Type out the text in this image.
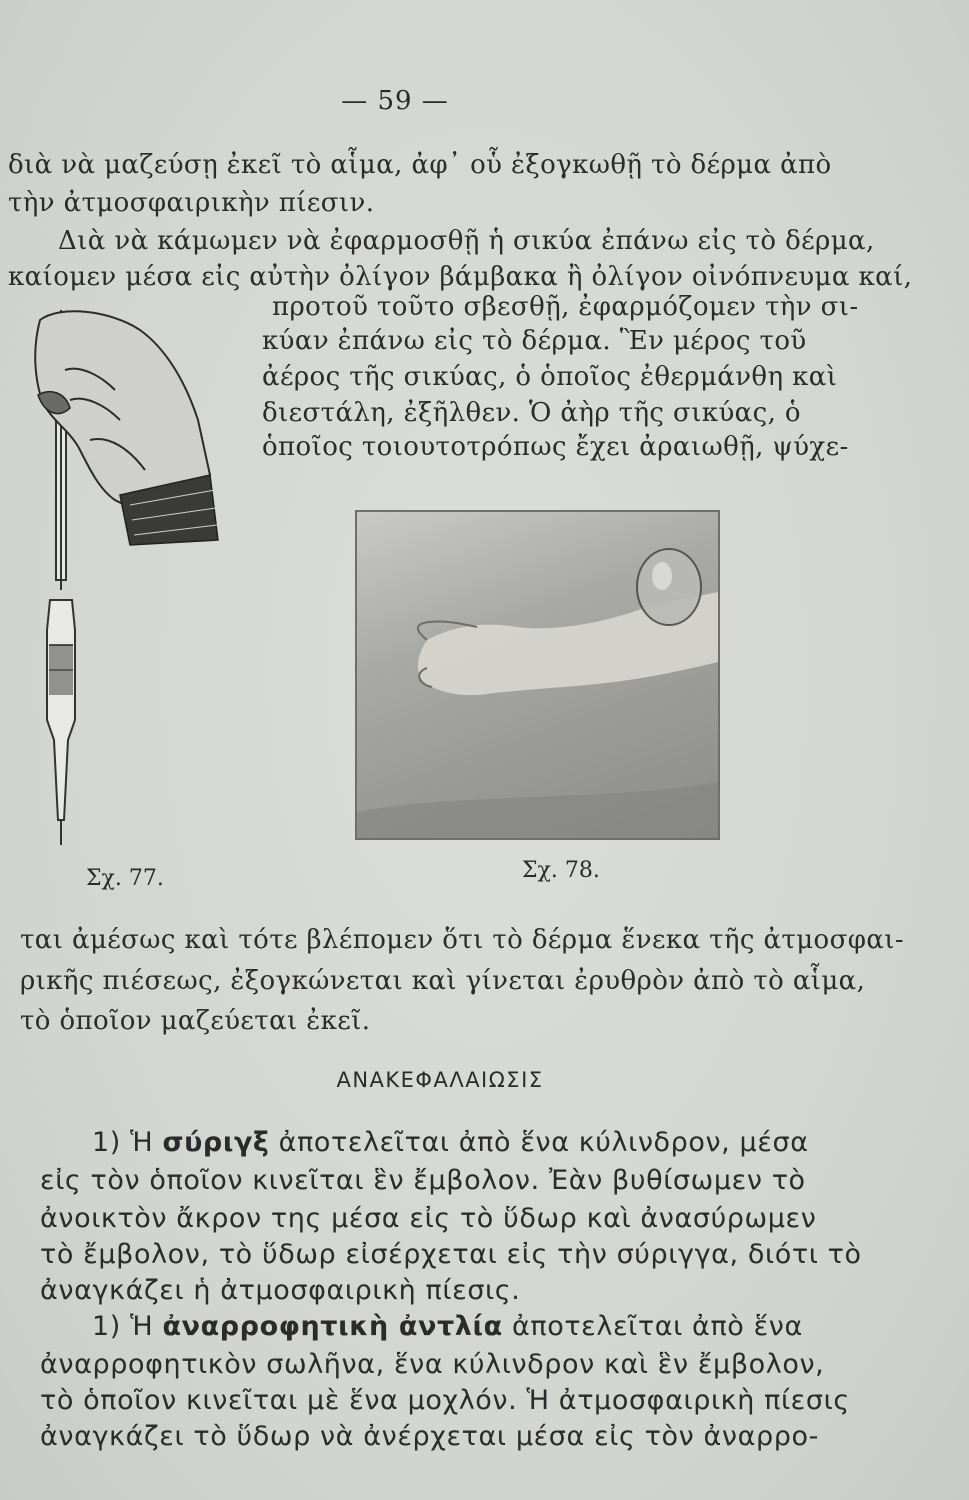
— 59 —
διὰ νὰ μαζεύσῃ ἐκεῖ τὸ αἷμα, ἀφ᾽ οὗ ἐξογκωθῇ τὸ δέρμα ἀπὸ
τὴν ἀτμοσφαιρικὴν πίεσιν.
Διὰ νὰ κάμωμεν νὰ ἐφαρμοσθῇ ἡ σικύα ἐπάνω εἰς τὸ δέρμα,
καίομεν μέσα εἰς αὐτὴν ὀλίγον βάμβακα ἢ ὀλίγον οἰνόπνευμα καί,
προτοῦ τοῦτο σβεσθῇ, ἐφαρμόζομεν τὴν σι-
κύαν ἐπάνω εἰς τὸ δέρμα. Ἓν μέρος τοῦ
ἀέρος τῆς σικύας, ὁ ὁποῖος ἐθερμάνθη καὶ
διεστάλη, ἐξῆλθεν. Ὁ ἀὴρ τῆς σικύας, ὁ
ὁποῖος τοιουτοτρόπως ἔχει ἀραιωθῇ, ψύχε-
Σχ. 77.	Σχ. 78.
ται ἀμέσως καὶ τότε βλέπομεν ὅτι τὸ δέρμα ἕνεκα τῆς ἀτμοσφαι-
ρικῆς πιέσεως, ἐξογκώνεται καὶ γίνεται ἐρυθρὸν ἀπὸ τὸ αἷμα,
τὸ ὁποῖον μαζεύεται ἐκεῖ.
ΑΝΑΚΕΦΑΛΑΙΩΣΙΣ
1) Ἡ σύριγξ ἀποτελεῖται ἀπὸ ἕνα κύλινδρον, μέσα
εἰς τὸν ὁποῖον κινεῖται ἓν ἔμβολον. Ἐὰν βυθίσωμεν τὸ
ἀνοικτὸν ἄκρον της μέσα εἰς τὸ ὕδωρ καὶ ἀνασύρωμεν
τὸ ἔμβολον, τὸ ὕδωρ εἰσέρχεται εἰς τὴν σύριγγα, διότι τὸ
ἀναγκάζει ἡ ἀτμοσφαιρικὴ πίεσις.
1) Ἡ ἀναρροφητικὴ ἀντλία ἀποτελεῖται ἀπὸ ἕνα
ἀναρροφητικὸν σωλῆνα, ἕνα κύλινδρον καὶ ἓν ἔμβολον,
τὸ ὁποῖον κινεῖται μὲ ἕνα μοχλόν. Ἡ ἀτμοσφαιρικὴ πίεσις
ἀναγκάζει τὸ ὕδωρ νὰ ἀνέρχεται μέσα εἰς τὸν ἀναρρο-
